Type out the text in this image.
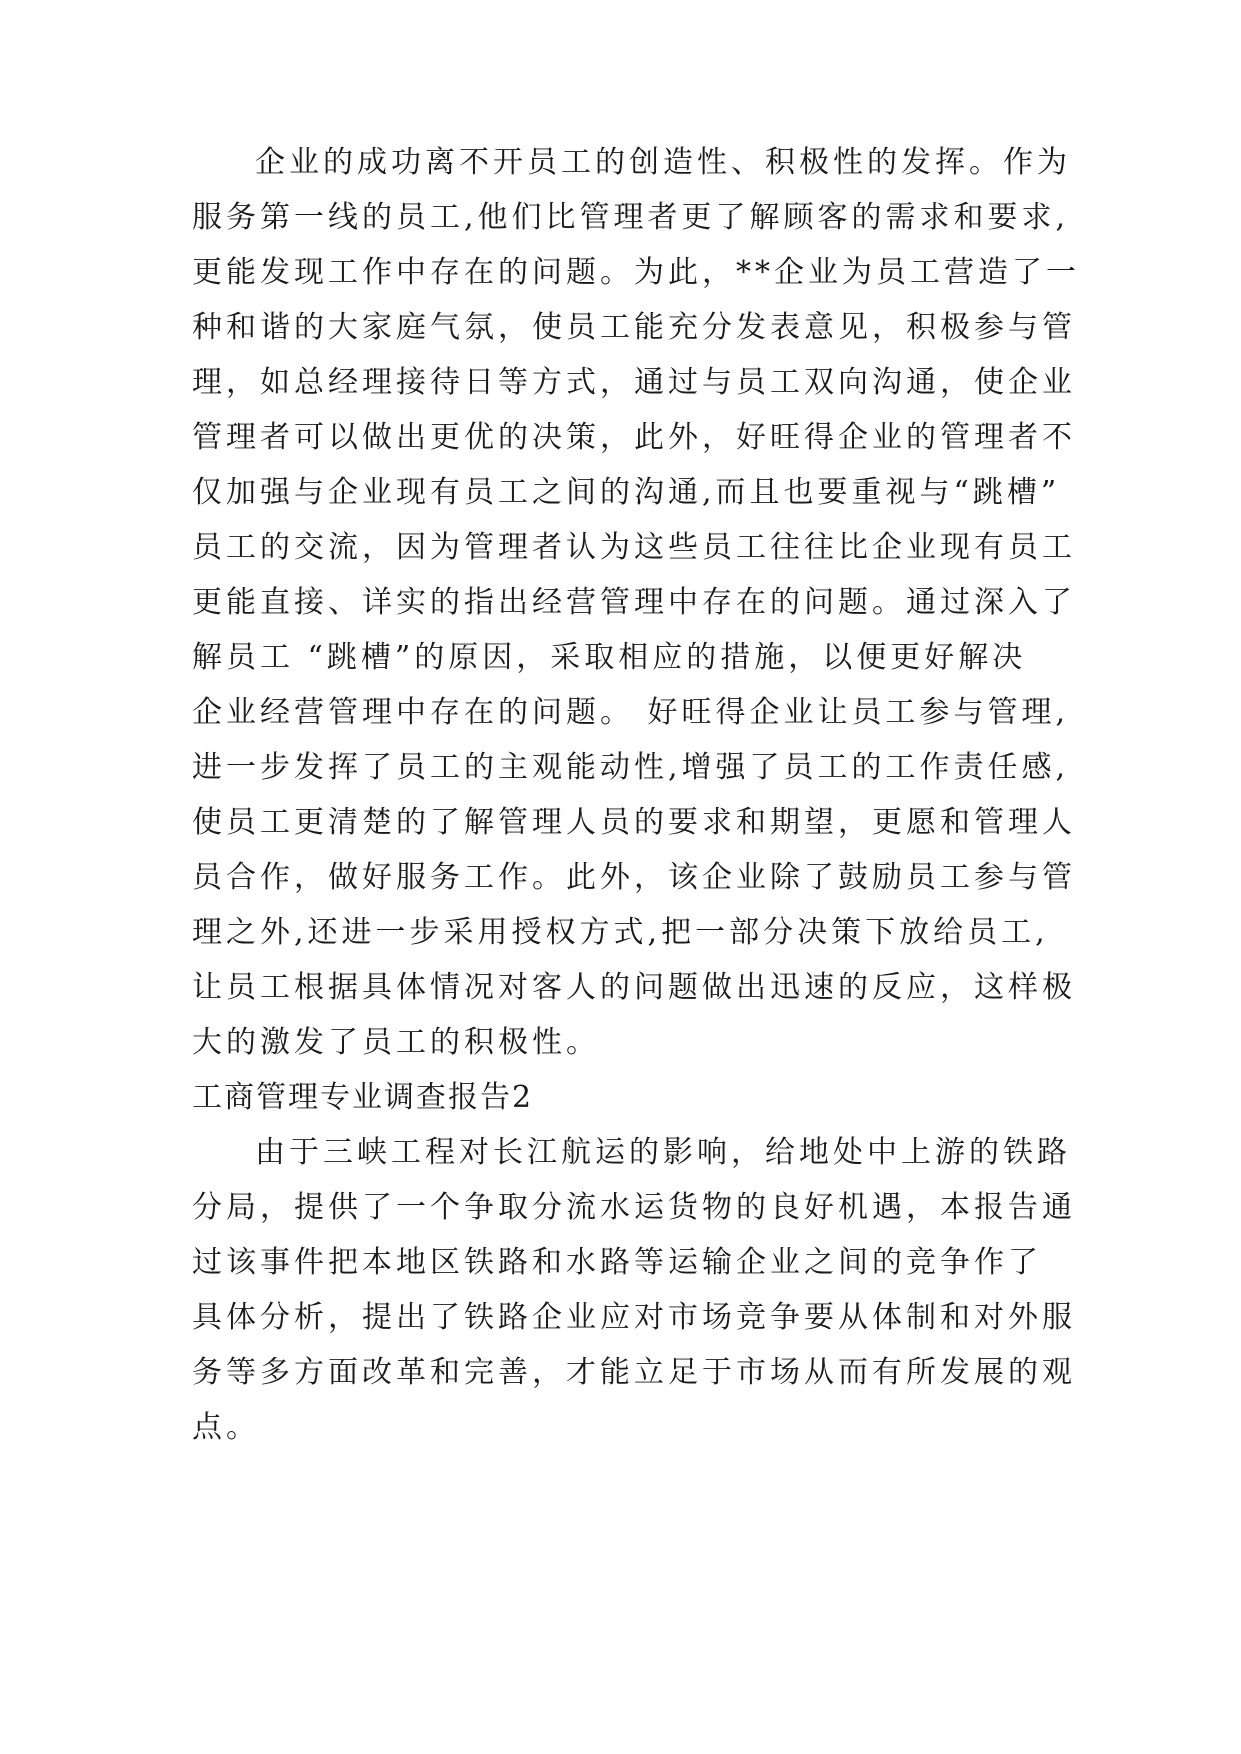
企业的成功离不开员工的创造性、积极性的发挥。作为
服务第一线的员工,他们比管理者更了解顾客的需求和要求,
更能发现工作中存在的问题。为此，**企业为员工营造了一
种和谐的大家庭气氛，使员工能充分发表意见，积极参与管
理，如总经理接待日等方式，通过与员工双向沟通，使企业
管理者可以做出更优的决策，此外，好旺得企业的管理者不
仅加强与企业现有员工之间的沟通,而且也要重视与“跳槽”
员工的交流，因为管理者认为这些员工往往比企业现有员工
更能直接、详实的指出经营管理中存在的问题。通过深入了
解员工 “跳槽”的原因，采取相应的措施，以便更好解决
企业经营管理中存在的问题。 好旺得企业让员工参与管理,
进一步发挥了员工的主观能动性,增强了员工的工作责任感,
使员工更清楚的了解管理人员的要求和期望，更愿和管理人
员合作，做好服务工作。此外，该企业除了鼓励员工参与管
理之外,还进一步采用授权方式,把一部分决策下放给员工,
让员工根据具体情况对客人的问题做出迅速的反应，这样极
大的激发了员工的积极性。
工商管理专业调查报告2
由于三峡工程对长江航运的影响，给地处中上游的铁路
分局，提供了一个争取分流水运货物的良好机遇，本报告通
过该事件把本地区铁路和水路等运输企业之间的竞争作了
具体分析，提出了铁路企业应对市场竞争要从体制和对外服
务等多方面改革和完善，才能立足于市场从而有所发展的观
点。
